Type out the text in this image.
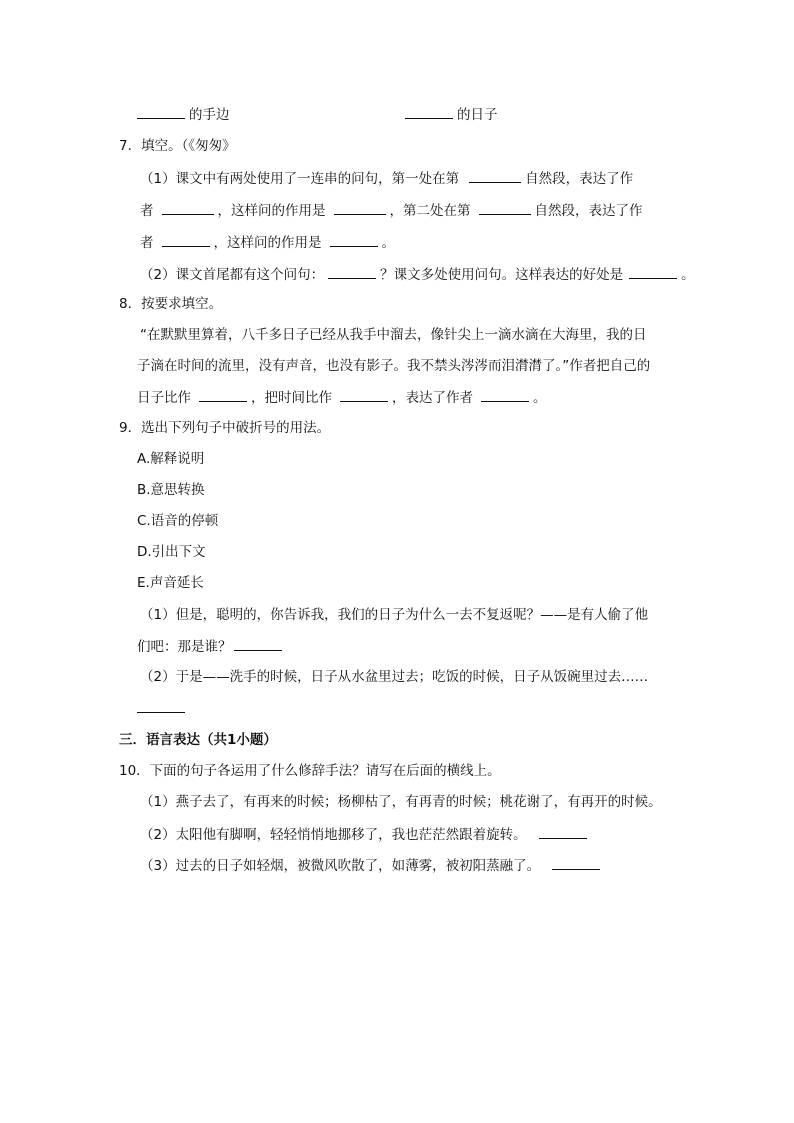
的手边	的日子
7．填空。（《匆匆》
（1）课文中有两处使用了一连串的问句，第一处在第	自然段，表达了作
者	，这样问的作用是	，第二处在第	自然段，表达了作
者	，这样问的作用是	。
（2）课文首尾都有这个问句：	？课文多处使用问句。这样表达的好处是	。
8．按要求填空。
“在默默里算着，八千多日子已经从我手中溜去，像针尖上一滴水滴在大海里，我的日
子滴在时间的流里，没有声音，也没有影子。我不禁头涔涔而泪潸潸了。”作者把自己的
日子比作	，把时间比作	，表达了作者	。
9．选出下列句子中破折号的用法。
A.解释说明
B.意思转换
C.语音的停顿
D.引出下文
E.声音延长
（1）但是，聪明的，你告诉我，我们的日子为什么一去不复返呢？——是有人偷了他
们吧：那是谁？
（2）于是——洗手的时候，日子从水盆里过去；吃饭的时候，日子从饭碗里过去……
三．语言表达（共1小题）
10．下面的句子各运用了什么修辞手法？请写在后面的横线上。
（1）燕子去了，有再来的时候；杨柳枯了，有再青的时候；桃花谢了，有再开的时候。
（2）太阳他有脚啊，轻轻悄悄地挪移了，我也茫茫然跟着旋转。
（3）过去的日子如轻烟，被微风吹散了，如薄雾，被初阳蒸融了。
